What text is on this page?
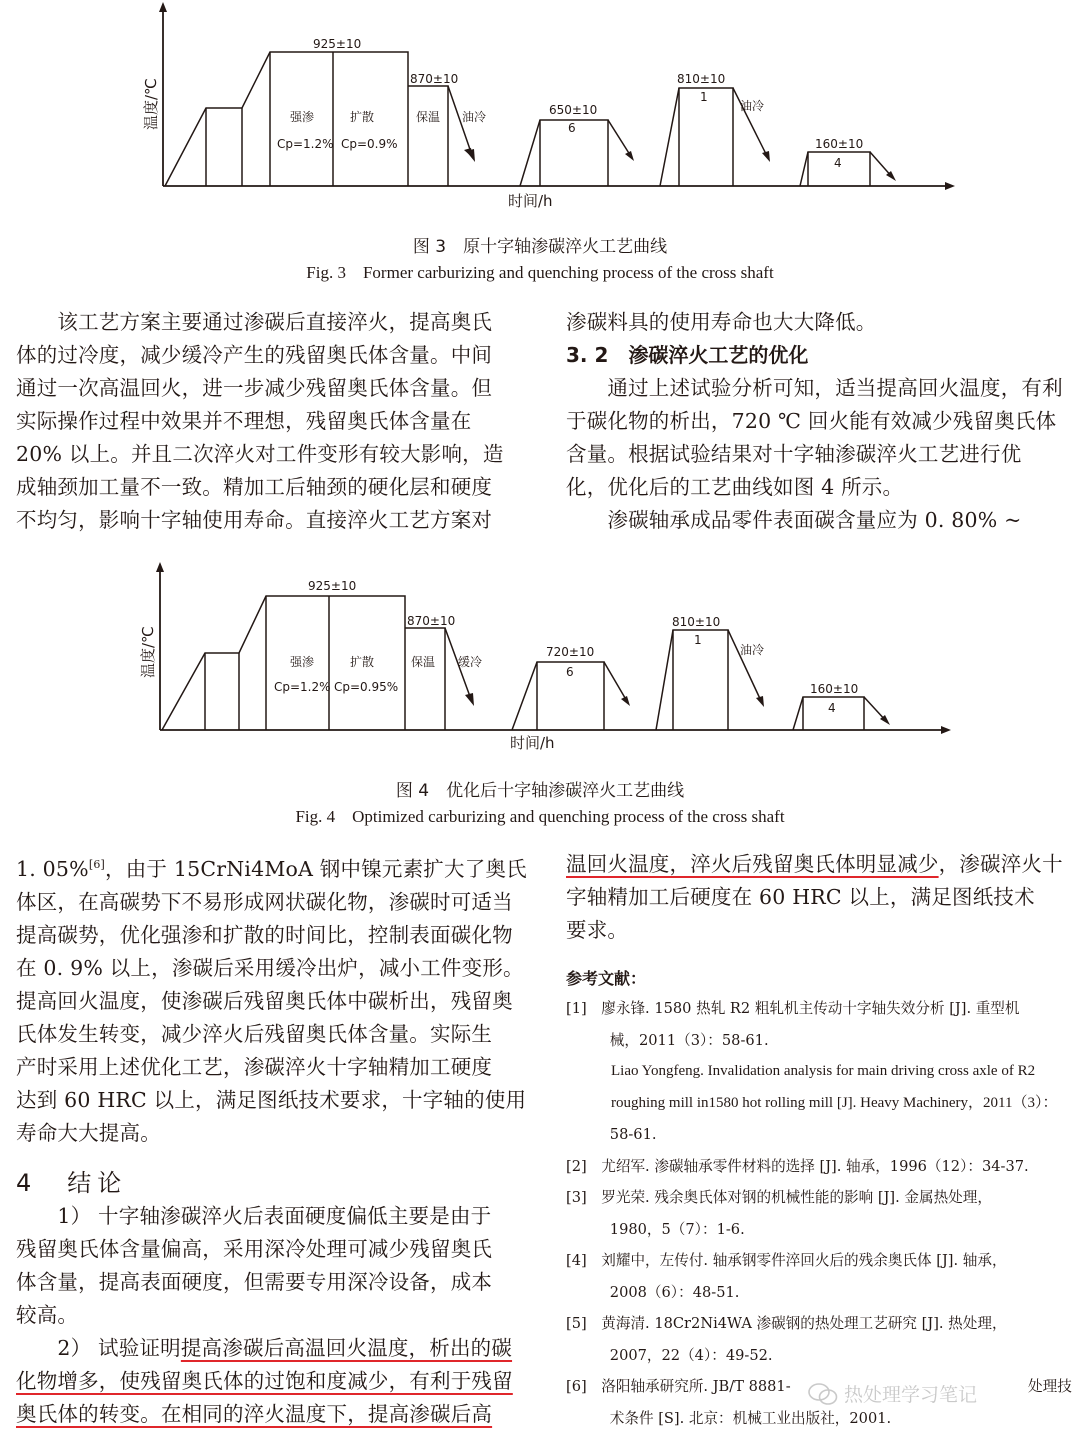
温度/℃
时间/h
925±10
强渗	扩散
Cp=1.2% Cp=0.9%
870±10
保温 油冷	650±10
6
810±10
1
油冷
160±10
4
图 3　原十字轴渗碳淬火工艺曲线
Fig. 3　Former carburizing and quenching process of the cross shaft
　　该工艺方案主要通过渗碳后直接淬火，提高奥氏
体的过冷度，减少缓冷产生的残留奥氏体含量。中间
通过一次高温回火，进一步减少残留奥氏体含量。但
实际操作过程中效果并不理想，残留奥氏体含量在
20% 以上。并且二次淬火对工件变形有较大影响，造
成轴颈加工量不一致。精加工后轴颈的硬化层和硬度
不均匀，影响十字轴使用寿命。直接淬火工艺方案对
渗碳料具的使用寿命也大大降低。
3. 2　渗碳淬火工艺的优化
　　通过上述试验分析可知，适当提高回火温度，有利
于碳化物的析出，720 ℃ 回火能有效减少残留奥氏体
含量。根据试验结果对十字轴渗碳淬火工艺进行优
化，优化后的工艺曲线如图 4 所示。
　　渗碳轴承成品零件表面碳含量应为 0. 80% ~
温度/℃
时间/h
925±10
强渗	扩散
Cp=1.2% Cp=0.95%
870±10
保温 缓冷
720±10
6
810±10
1
油冷
160±10
4
图 4　优化后十字轴渗碳淬火工艺曲线
Fig. 4　Optimized carburizing and quenching process of the cross shaft
1. 05%[6]，由于 15CrNi4MoA 钢中镍元素扩大了奥氏
体区，在高碳势下不易形成网状碳化物，渗碳时可适当
提高碳势，优化强渗和扩散的时间比，控制表面碳化物
在 0. 9% 以上，渗碳后采用缓冷出炉，减小工件变形。
提高回火温度，使渗碳后残留奥氏体中碳析出，残留奥
氏体发生转变，减少淬火后残留奥氏体含量。实际生
产时采用上述优化工艺，渗碳淬火十字轴精加工硬度
达到 60 HRC 以上，满足图纸技术要求，十字轴的使用
寿命大大提高。
4　结论
　　1） 十字轴渗碳淬火后表面硬度偏低主要是由于
残留奥氏体含量偏高，采用深冷处理可减少残留奥氏
体含量，提高表面硬度，但需要专用深冷设备，成本
较高。
　　2） 试验证明提高渗碳后高温回火温度，析出的碳
化物增多，使残留奥氏体的过饱和度减少，有利于残留
奥氏体的转变。在相同的淬火温度下，提高渗碳后高
温回火温度，淬火后残留奥氏体明显减少，渗碳淬火十
字轴精加工后硬度在 60 HRC 以上，满足图纸技术
要求。
参考文献：
[1]　廖永锋. 1580 热轧 R2 粗轧机主传动十字轴失效分析 [J]. 重型机
　　　械，2011（3）：58-61.
　　　Liao Yongfeng. Invalidation analysis for main driving cross axle of R2
　　　roughing mill in1580 hot rolling mill [J]. Heavy Machinery，2011（3）：
　　　58-61.
[2]　尤绍军. 渗碳轴承零件材料的选择 [J]. 轴承，1996（12）：34-37.
[3]　罗光荣. 残余奥氏体对钢的机械性能的影响 [J]. 金属热处理，
　　　1980，5（7）：1-6.
[4]　刘耀中，左传付. 轴承钢零件淬回火后的残余奥氏体 [J]. 轴承，
　　　2008（6）：48-51.
[5]　黄海清. 18Cr2Ni4WA 渗碳钢的热处理工艺研究 [J]. 热处理，
　　　2007，22（4）：49-52.
[6]　洛阳轴承研究所. JB/T 8881-	处理技
　　　术条件 [S]. 北京：机械工业出版社，2001.
热处理学习笔记
